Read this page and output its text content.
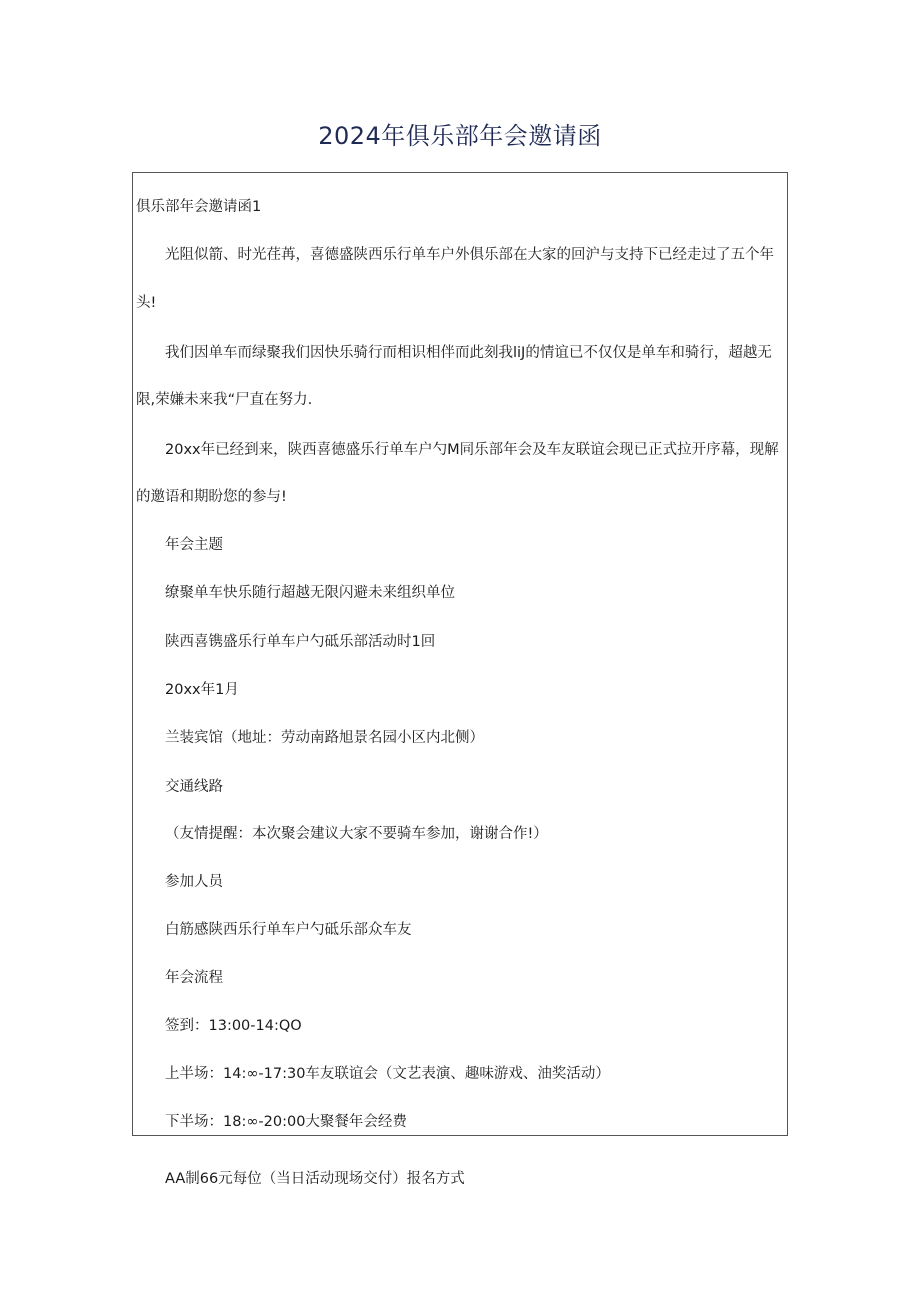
2024年俱乐部年会邀请函
俱乐部年会邀请函1
光阻似箭、时光荏苒，喜德盛陕西乐行单车户外俱乐部在大家的回沪与支持下已经走过了五个年
头!
我们因单车而绿聚我们因快乐骑行而相识相伴而此刻我liJ的情谊已不仅仅是单车和骑行，超越无
限,荣嫌未来我“尸直在努力.
20xx年已经到来，陕西喜德盛乐行单车户勺M同乐部年会及车友联谊会现已正式拉开序幕，现解
的邀语和期盼您的参与!
年会主题
缭聚单车快乐随行超越无限闪避未来组织单位
陕西喜镌盛乐行单车户勺砥乐部活动时1回
20xx年1月
兰装宾馆（地址：劳动南路旭景名园小区内北侧）
交通线路
（友情提醒：本次聚会建议大家不要骑车参加，谢谢合作!）
参加人员
白筋感陕西乐行单车户勺砥乐部众车友
年会流程
签到：13:00-14:QO
上半场：14:∞-17:30车友联谊会（文艺表演、趣味游戏、油奖活动）
下半场：18:∞-20:00大聚餐年会经费
AA制66元每位（当日活动现场交付）报名方式
